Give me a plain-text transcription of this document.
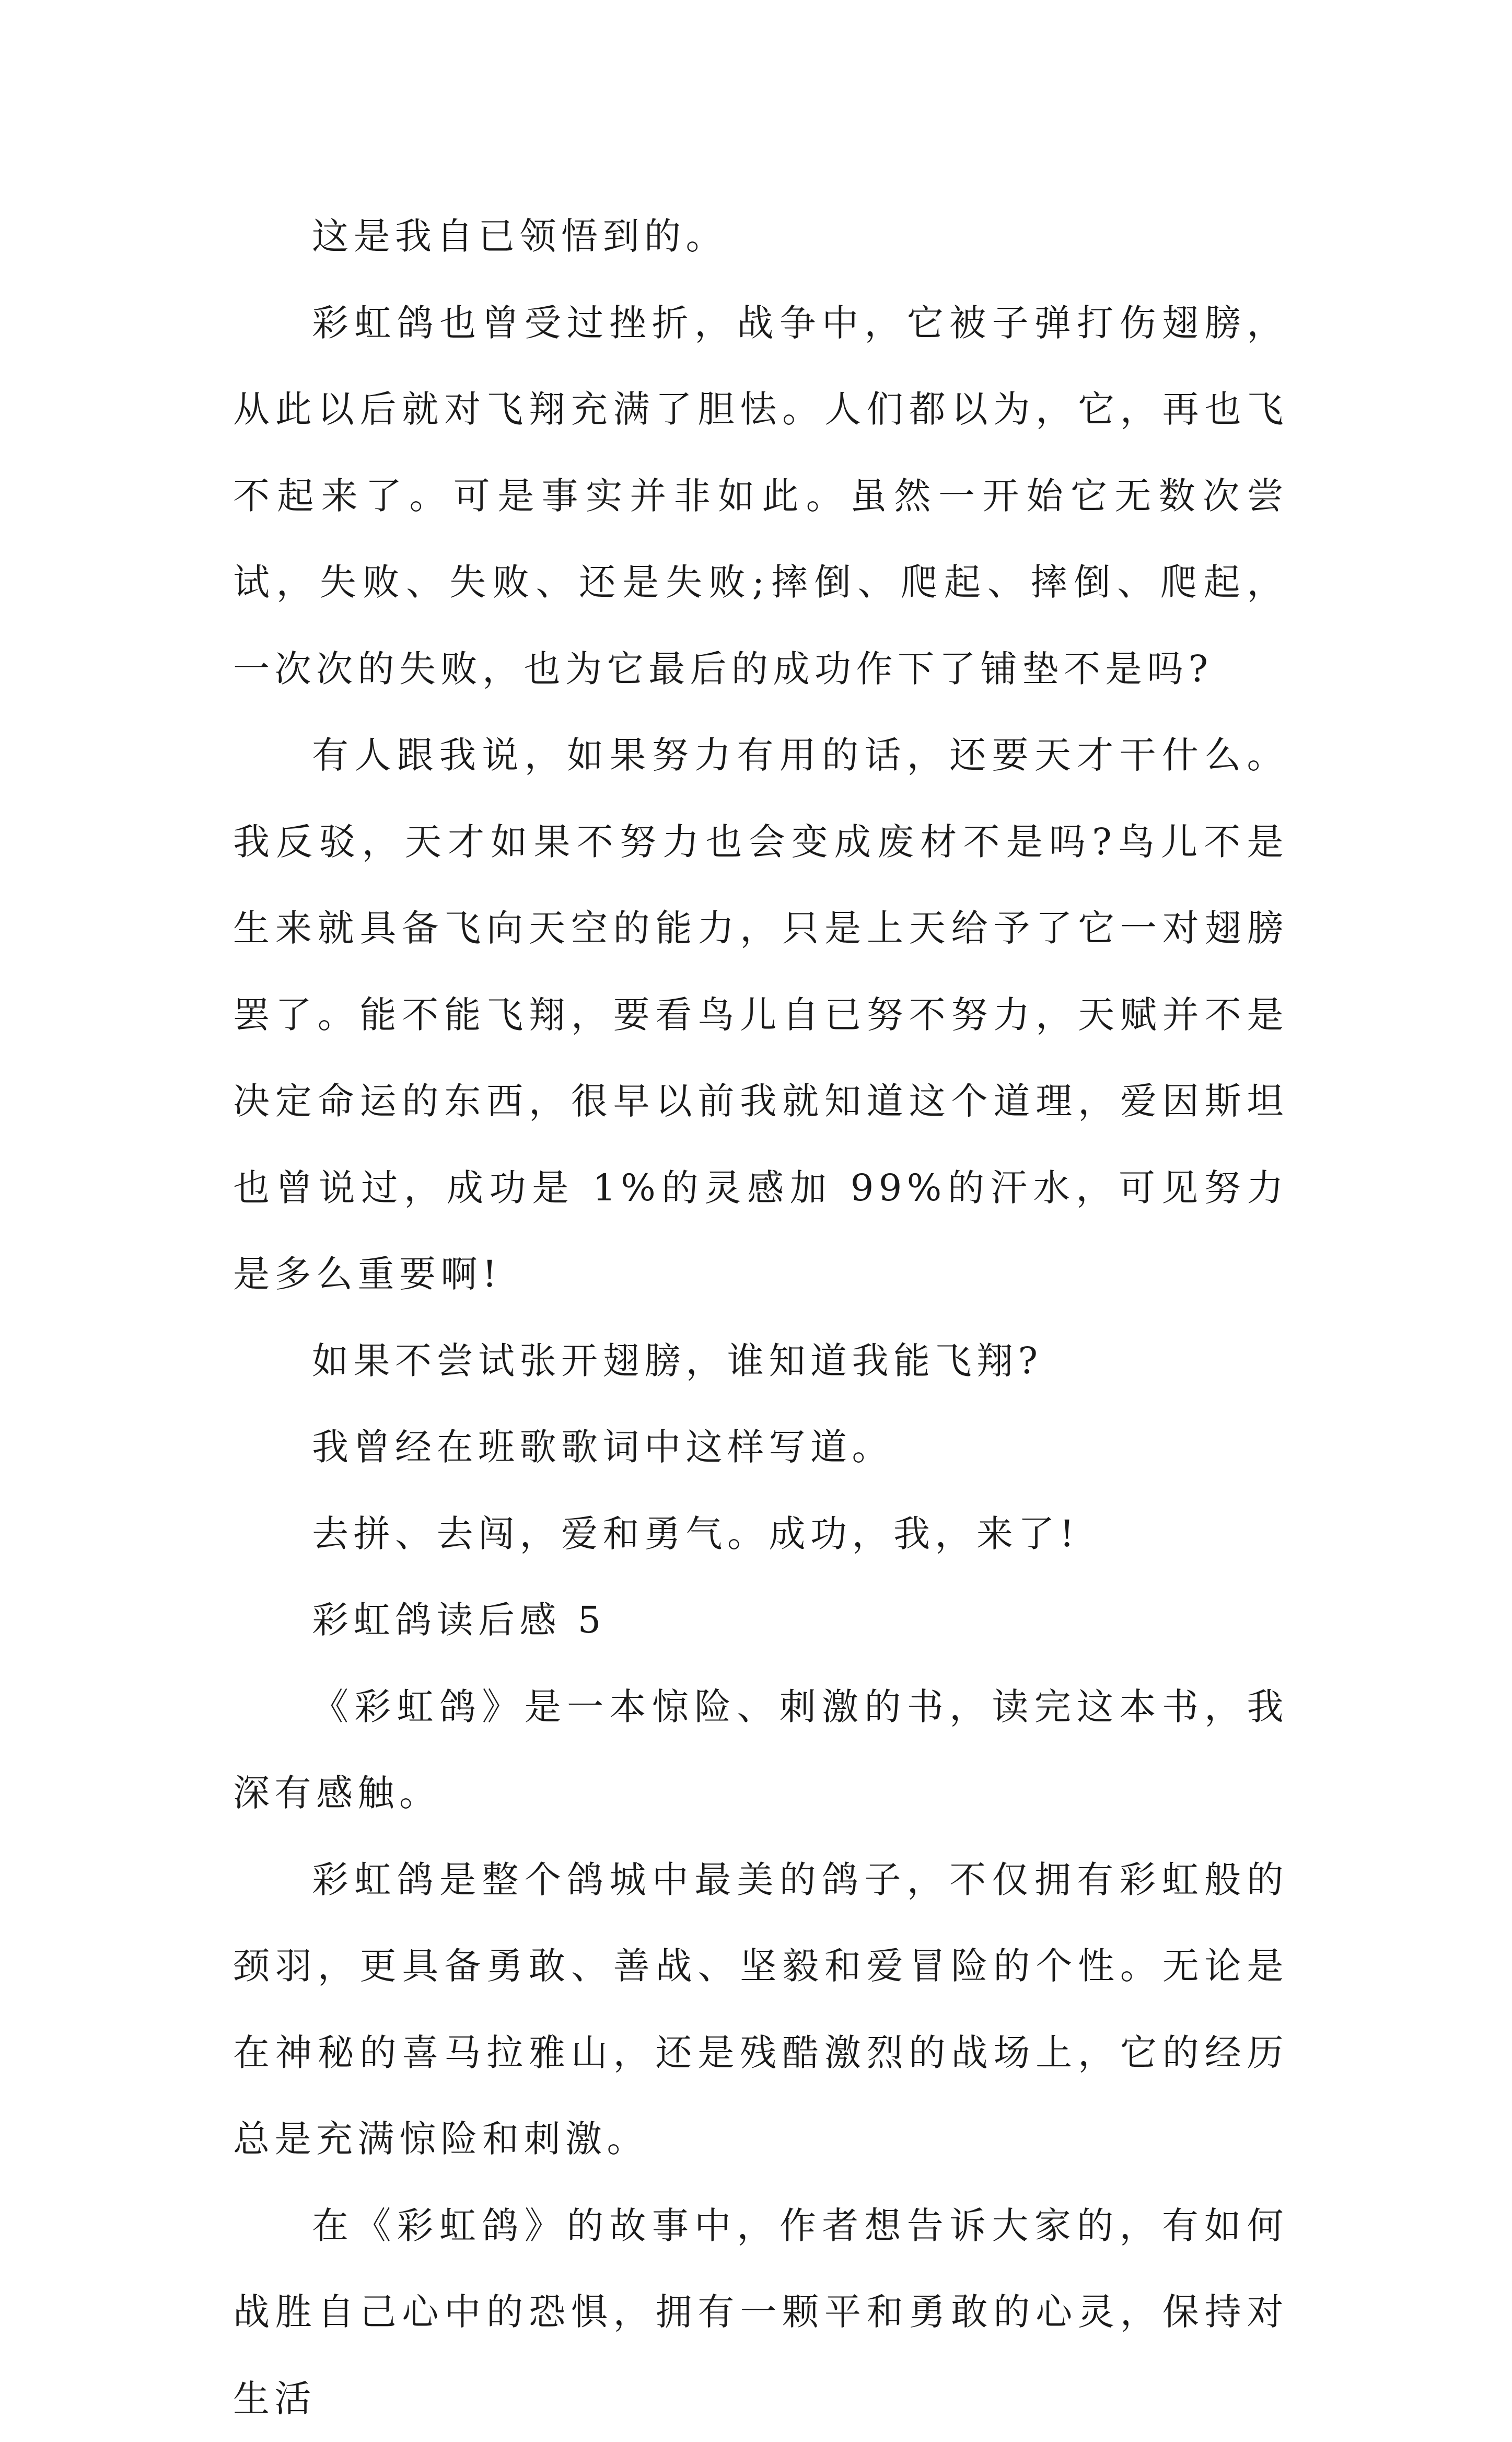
这是我自已领悟到的。

彩虹鸽也曾受过挫折，战争中，它被子弹打伤翅膀，从此以后就对飞翔充满了胆怯。人们都以为，它，再也飞不起来了。可是事实并非如此。虽然一开始它无数次尝试，失败、失败、还是失败;摔倒、爬起、摔倒、爬起，一次次的失败，也为它最后的成功作下了铺垫不是吗?

有人跟我说，如果努力有用的话，还要天才干什么。我反驳，天才如果不努力也会变成废材不是吗?鸟儿不是生来就具备飞向天空的能力，只是上天给予了它一对翅膀罢了。能不能飞翔，要看鸟儿自已努不努力，天赋并不是决定命运的东西，很早以前我就知道这个道理，爱因斯坦也曾说过，成功是 1%的灵感加 99%的汗水，可见努力是多么重要啊!

如果不尝试张开翅膀，谁知道我能飞翔?

我曾经在班歌歌词中这样写道。

去拼、去闯，爱和勇气。成功，我，来了!

彩虹鸽读后感 5

《彩虹鸽》是一本惊险、刺激的书，读完这本书，我深有感触。

彩虹鸽是整个鸽城中最美的鸽子，不仅拥有彩虹般的颈羽，更具备勇敢、善战、坚毅和爱冒险的个性。无论是在神秘的喜马拉雅山，还是残酷激烈的战场上，它的经历总是充满惊险和刺激。

在《彩虹鸽》的故事中，作者想告诉大家的，有如何战胜自己心中的恐惧，拥有一颗平和勇敢的心灵，保持对生活
